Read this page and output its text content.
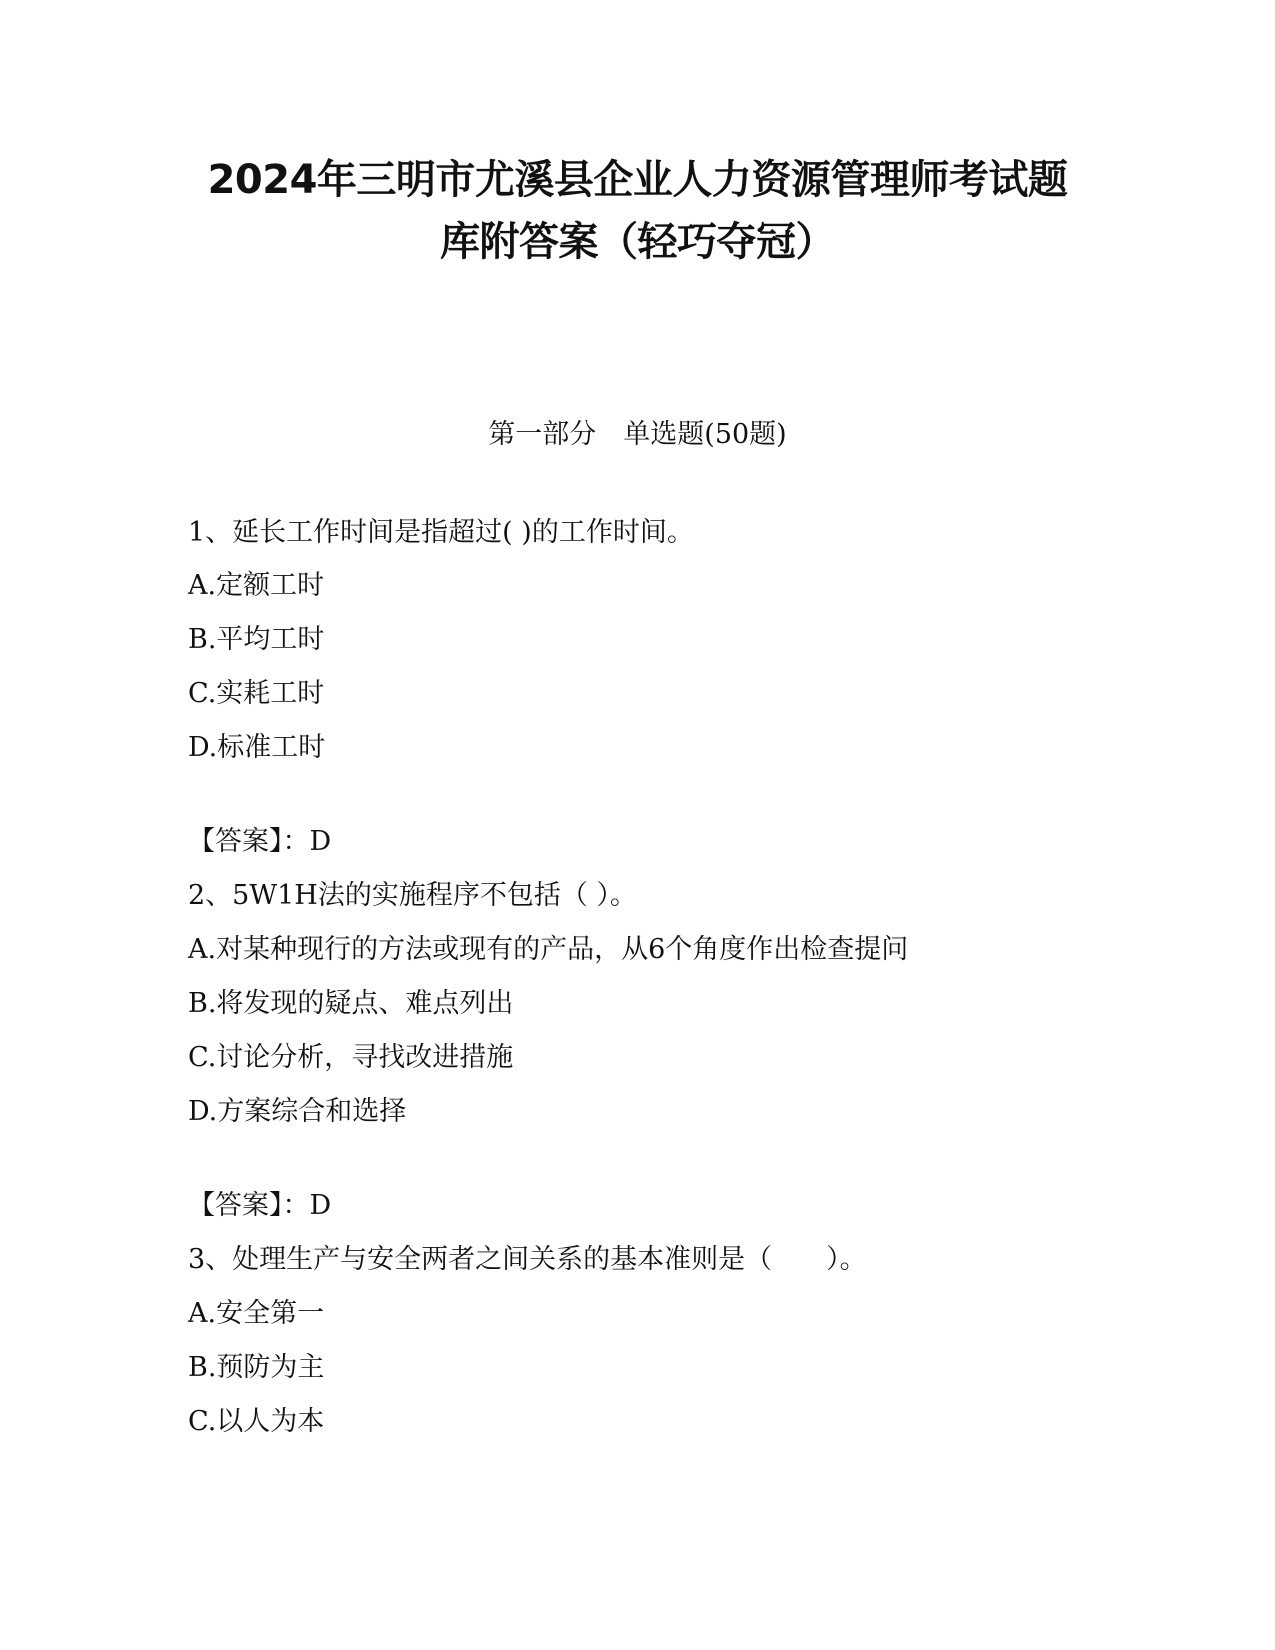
2024年三明市尤溪县企业人力资源管理师考试题
库附答案（轻巧夺冠）
第一部分　单选题(50题)
1、延长工作时间是指超过( )的工作时间。
A.定额工时
B.平均工时
C.实耗工时
D.标准工时
【答案】：D
2、5W1H法的实施程序不包括（ ）。
A.对某种现行的方法或现有的产品，从6个角度作出检查提问
B.将发现的疑点、难点列出
C.讨论分析，寻找改进措施
D.方案综合和选择
【答案】：D
3、处理生产与安全两者之间关系的基本准则是（　　）。
A.安全第一
B.预防为主
C.以人为本
